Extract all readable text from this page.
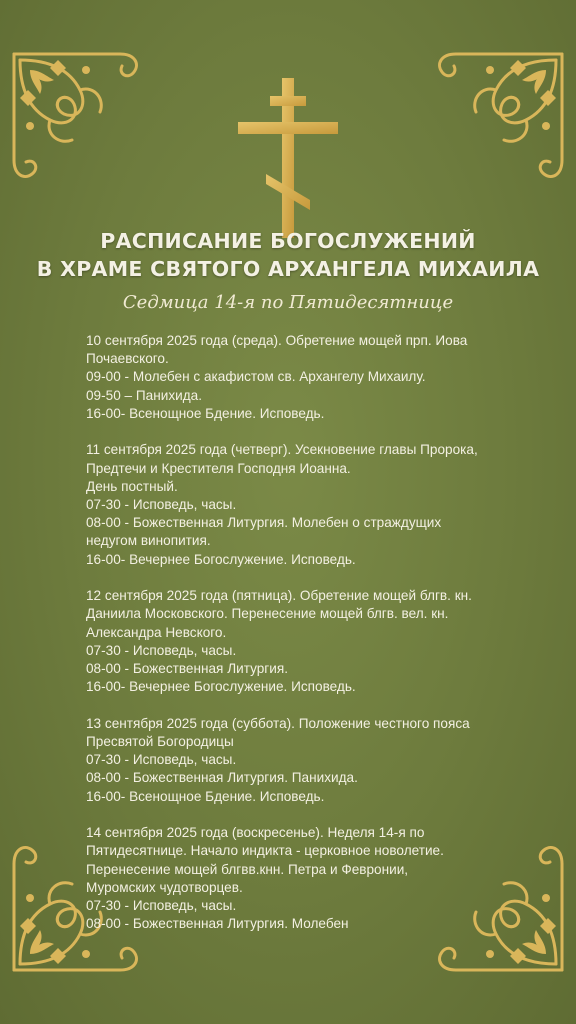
РАСПИСАНИЕ БОГОСЛУЖЕНИЙ
В ХРАМЕ СВЯТОГО АРХАНГЕЛА МИХАИЛА
Седмица 14-я по Пятидесятнице
10 сентября 2025 года (среда). Обретение мощей прп. Иова
Почаевского.
09-00 - Молебен с акафистом св. Архангелу Михаилу.
09-50 – Панихида.
16-00- Всенощное Бдение. Исповедь.
11 сентября 2025 года (четверг). Усекновение главы Пророка,
Предтечи и Крестителя Господня Иоанна.
День постный.
07-30 - Исповедь, часы.
08-00 - Божественная Литургия. Молебен о страждущих
недугом винопития.
16-00- Вечернее Богослужение. Исповедь.
12 сентября 2025 года (пятница). Обретение мощей блгв. кн.
Даниила Московского. Перенесение мощей блгв. вел. кн.
Александра Невского.
07-30 - Исповедь, часы.
08-00 - Божественная Литургия.
16-00- Вечернее Богослужение. Исповедь.
13 сентября 2025 года (суббота). Положение честного пояса
Пресвятой Богородицы
07-30 - Исповедь, часы.
08-00 - Божественная Литургия. Панихида.
16-00- Всенощное Бдение. Исповедь.
14 сентября 2025 года (воскресенье). Неделя 14-я по
Пятидесятнице. Начало индикта - церковное новолетие.
Перенесение мощей блгвв.кнн. Петра и Февронии,
Муромских чудотворцев.
07-30 - Исповедь, часы.
08-00 - Божественная Литургия. Молебен
